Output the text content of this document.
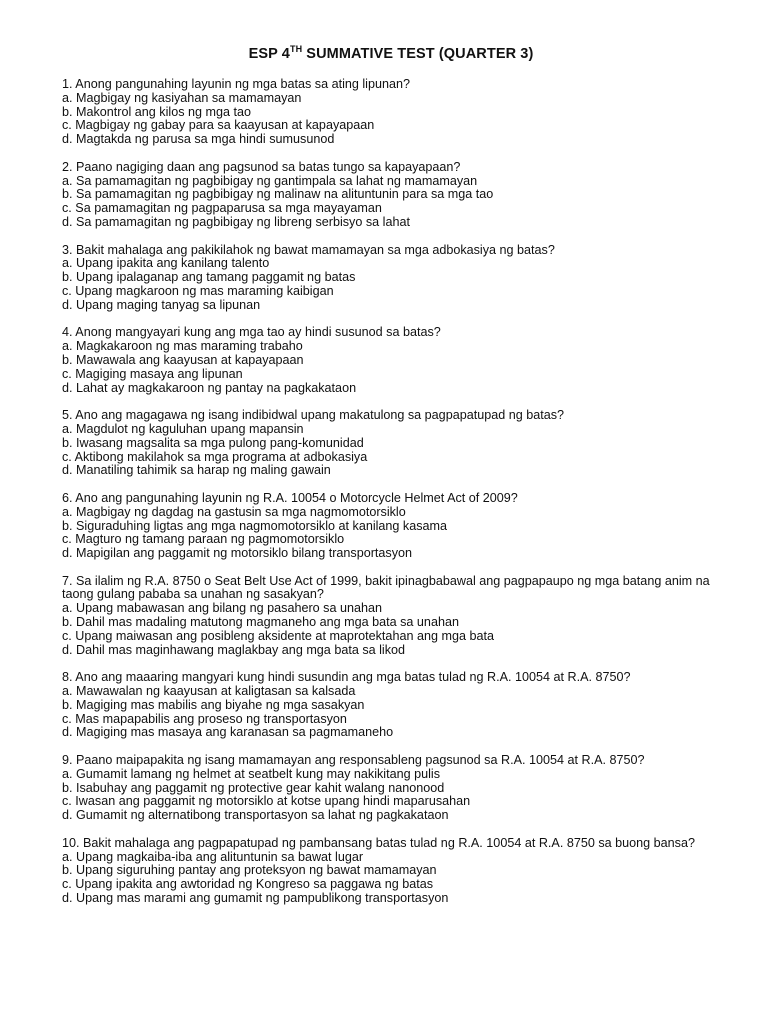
ESP 4TH SUMMATIVE TEST (QUARTER 3)
1. Anong pangunahing layunin ng mga batas sa ating lipunan?
a. Magbigay ng kasiyahan sa mamamayan
b. Makontrol ang kilos ng mga tao
c. Magbigay ng gabay para sa kaayusan at kapayapaan
d. Magtakda ng parusa sa mga hindi sumusunod
2. Paano nagiging daan ang pagsunod sa batas tungo sa kapayapaan?
a. Sa pamamagitan ng pagbibigay ng gantimpala sa lahat ng mamamayan
b. Sa pamamagitan ng pagbibigay ng malinaw na alituntunin para sa mga tao
c. Sa pamamagitan ng pagpaparusa sa mga mayayaman
d. Sa pamamagitan ng pagbibigay ng libreng serbisyo sa lahat
3. Bakit mahalaga ang pakikilahok ng bawat mamamayan sa mga adbokasiya ng batas?
a. Upang ipakita ang kanilang talento
b. Upang ipalaganap ang tamang paggamit ng batas
c. Upang magkaroon ng mas maraming kaibigan
d. Upang maging tanyag sa lipunan
4. Anong mangyayari kung ang mga tao ay hindi susunod sa batas?
a. Magkakaroon ng mas maraming trabaho
b. Mawawala ang kaayusan at kapayapaan
c. Magiging masaya ang lipunan
d. Lahat ay magkakaroon ng pantay na pagkakataon
5. Ano ang magagawa ng isang indibidwal upang makatulong sa pagpapatupad ng batas?
a. Magdulot ng kaguluhan upang mapansin
b. Iwasang magsalita sa mga pulong pang-komunidad
c. Aktibong makilahok sa mga programa at adbokasiya
d. Manatiling tahimik sa harap ng maling gawain
6. Ano ang pangunahing layunin ng R.A. 10054 o Motorcycle Helmet Act of 2009?
a. Magbigay ng dagdag na gastusin sa mga nagmomotorsiklo
b. Siguraduhing ligtas ang mga nagmomotorsiklo at kanilang kasama
c. Magturo ng tamang paraan ng pagmomotorsiklo
d. Mapigilan ang paggamit ng motorsiklo bilang transportasyon
7. Sa ilalim ng R.A. 8750 o Seat Belt Use Act of 1999, bakit ipinagbabawal ang pagpapaupo ng mga batang anim na taong gulang pababa sa unahan ng sasakyan?
a. Upang mabawasan ang bilang ng pasahero sa unahan
b. Dahil mas madaling matutong magmaneho ang mga bata sa unahan
c. Upang maiwasan ang posibleng aksidente at maprotektahan ang mga bata
d. Dahil mas maginhawang maglakbay ang mga bata sa likod
8. Ano ang maaaring mangyari kung hindi susundin ang mga batas tulad ng R.A. 10054 at R.A. 8750?
a. Mawawalan ng kaayusan at kaligtasan sa kalsada
b. Magiging mas mabilis ang biyahe ng mga sasakyan
c. Mas mapapabilis ang proseso ng transportasyon
d. Magiging mas masaya ang karanasan sa pagmamaneho
9. Paano maipapakita ng isang mamamayan ang responsableng pagsunod sa R.A. 10054 at R.A. 8750?
a. Gumamit lamang ng helmet at seatbelt kung may nakikitang pulis
b. Isabuhay ang paggamit ng protective gear kahit walang nanonood
c. Iwasan ang paggamit ng motorsiklo at kotse upang hindi maparusahan
d. Gumamit ng alternatibong transportasyon sa lahat ng pagkakataon
10. Bakit mahalaga ang pagpapatupad ng pambansang batas tulad ng R.A. 10054 at R.A. 8750 sa buong bansa?
a. Upang magkaiba-iba ang alituntunin sa bawat lugar
b. Upang siguruhing pantay ang proteksyon ng bawat mamamayan
c. Upang ipakita ang awtoridad ng Kongreso sa paggawa ng batas
d. Upang mas marami ang gumamit ng pampublikong transportasyon
